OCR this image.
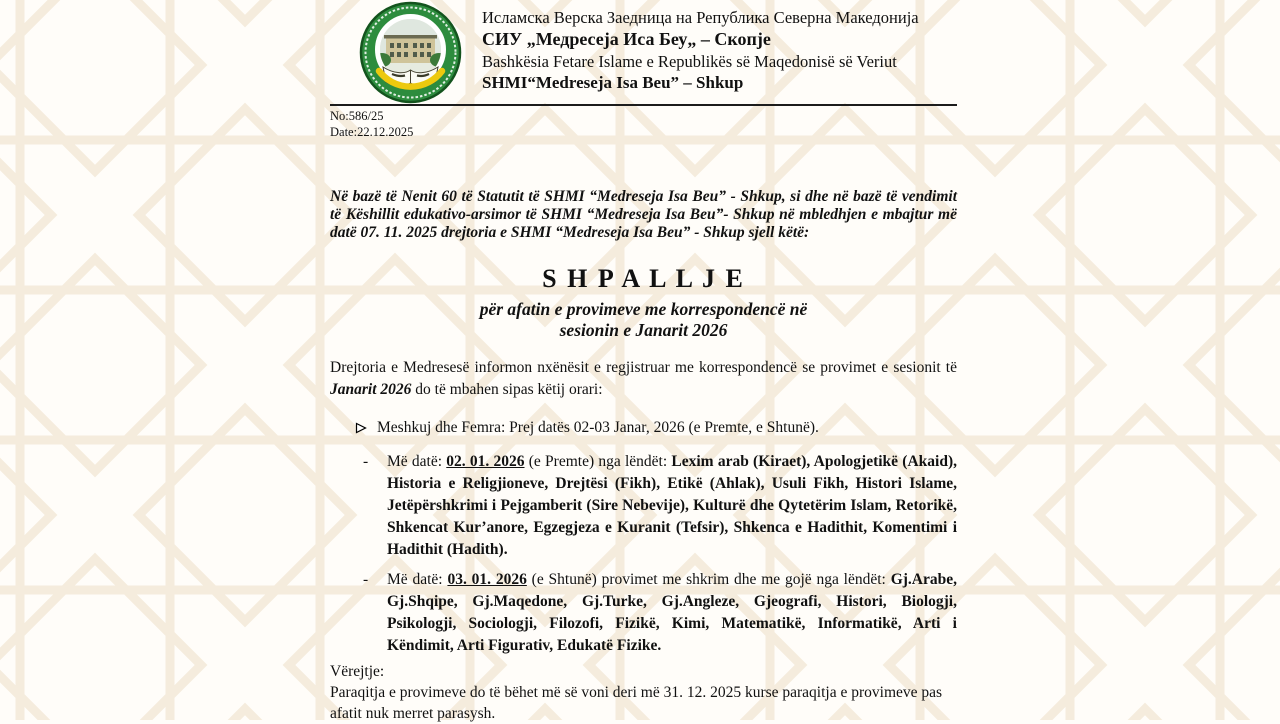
Исламска Верска Заедница на Република Северна Македонија
СИУ „Медресеја Иса Беу„ – Скопје
Bashkësia Fetare Islame e Republikës së Maqedonisë së Veriut
SHMI“Medreseja Isa Beu” – Shkup
No:586/25
Date:22.12.2025

Në bazë të Nenit 60 të Statutit të SHMI “Medreseja Isa Beu” - Shkup, si dhe në bazë të vendimit të Këshillit edukativo-arsimor të SHMI “Medreseja Isa Beu”- Shkup në mbledhjen e mbajtur më datë 07. 11. 2025 drejtoria e SHMI “Medreseja Isa Beu” - Shkup sjell këtë:

S H P A L L J E
për afatin e provimeve me korrespondencë në
sesionin e Janarit 2026

Drejtoria e Medresesë informon nxënësit e regjistruar me korrespondencë se provimet e sesionit të Janarit 2026 do të mbahen sipas këtij orari:

Meshkuj dhe Femra: Prej datës 02-03 Janar, 2026 (e Premte, e Shtunë).
-	Më datë: 02. 01. 2026 (e Premte) nga lëndët: Lexim arab (Kiraet), Apologjetikë (Akaid), Historia e Religjioneve, Drejtësi (Fikh), Etikë (Ahlak), Usuli Fikh, Histori Islame, Jetëpërshkrimi i Pejgamberit (Sire Nebevije), Kulturë dhe Qytetërim Islam, Retorikë, Shkencat Kur’anore, Egzegjeza e Kuranit (Tefsir), Shkenca e Hadithit, Komentimi i Hadithit (Hadith).

-	Më datë: 03. 01. 2026 (e Shtunë) provimet me shkrim dhe me gojë nga lëndët: Gj.Arabe, Gj.Shqipe, Gj.Maqedone, Gj.Turke, Gj.Angleze, Gjeografi, Histori, Biologji, Psikologji, Sociologji, Filozofi, Fizikë, Kimi, Matematikë, Informatikë, Arti i Këndimit, Arti Figurativ, Edukatë Fizike.

Vërejtje:
Paraqitja e provimeve do të bëhet më së voni deri më 31. 12. 2025 kurse paraqitja e provimeve pas afatit nuk merret parasysh.
